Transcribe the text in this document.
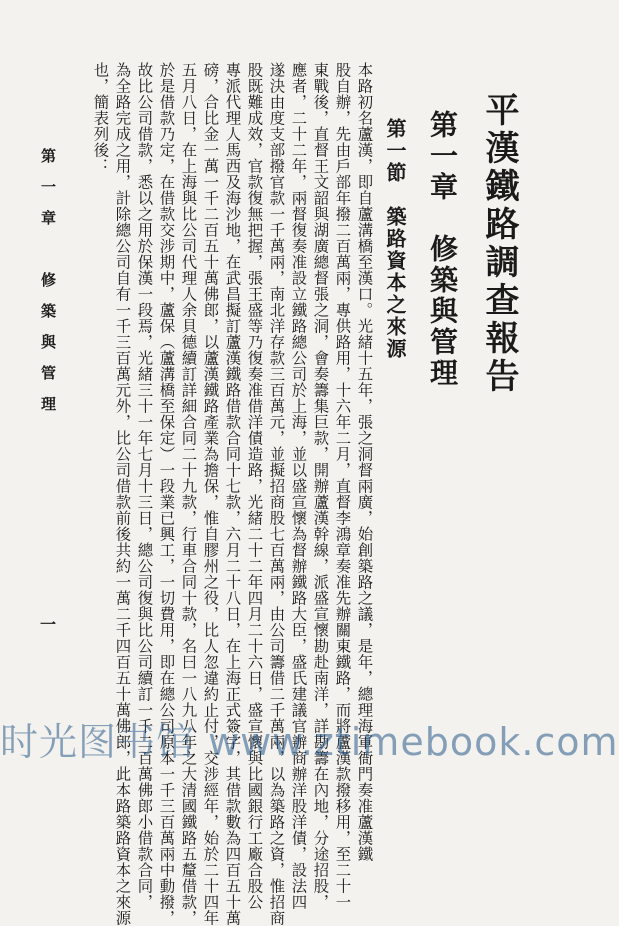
平漢鐵路調查報告
第一章　修築與管理
第一節　築路資本之來源
本路初名蘆漢，即自蘆溝橋至漢口。光緒十五年，張之洞督兩廣，始創築路之議，是年，總理海軍衙門奏准蘆漢鐵
股自辦，先由戶部年撥二百萬兩，專供路用，十六年二月，直督李鴻章奏准先辦關東鐵路，而將蘆漢款撥移用，至二十一
東戰後，直督王文韶與湖廣總督張之洞，會奏籌集巨款，開辦蘆漢幹線，派盛宣懷勘赴南洋，詳勘籌在內地，分途招股，
應者，二十二年，兩督復奏准設立鐵路總公司於上海，並以盛宣懷為督辦鐵路大臣，盛氏建議官辦商辦洋股洋債，設法四
遂決由度支部撥官款一千萬兩，南北洋存款三百萬元，並擬招商股七百萬兩，由公司籌借二千萬兩，以為築路之資，惟招商
股既難成效，官款復無把握，張王盛等乃復奏准借洋債造路，光緒二十二年四月二十六日，盛宣懷與比國銀行工廠合股公
專派代理人馬西及海沙地，在武昌擬訂蘆漢鐵路借款合同十七款，六月二十八日，在上海正式簽字，其借款數為四百五十萬
磅，合比金一萬一千二百五十萬佛郎，以蘆漢鐵路產業為擔保，惟自膠州之役，比人忽違約止付，交涉經年，始於二十四年
五月八日，在上海與比公司代理人余貝德續訂詳細合同二十九款，行車合同十款，名曰一八九八年之大清國鐵路五釐借款，
於是借款乃定，在借款交涉期中，蘆保（蘆溝橋至保定）一段業已興工，一切費用，即在總公司原本一千三百萬兩中動撥，
故比公司借款，悉以之用於保漢一段焉，光緒三十一年七月十三日，總公司復與比公司續訂一千二百萬佛郎小借款合同，
為全路完成之用，計除總公司自有一千三百萬元外，比公司借款前後共約一萬二千四百五十萬佛郎，此本路築路資本之來源
也，簡表列後：
第一章　修築與管理
一
时光图书馆 www.ztimebook.com
